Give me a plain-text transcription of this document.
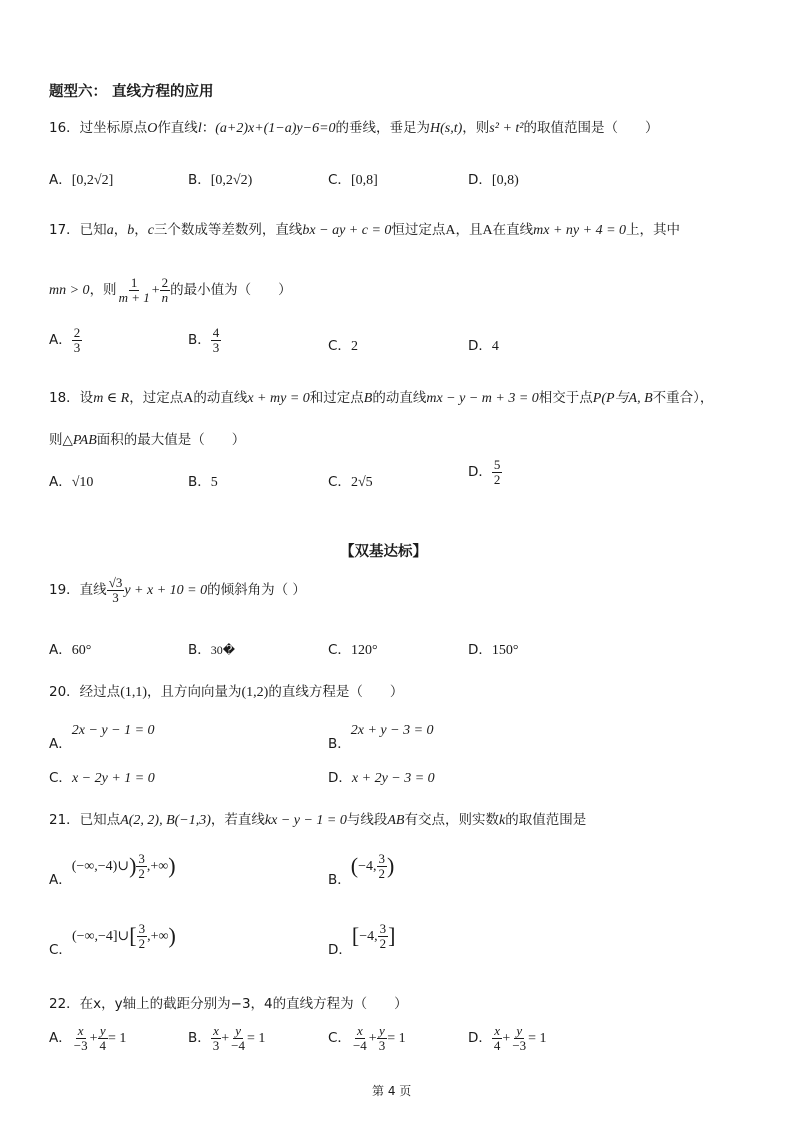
题型六： 直线方程的应用
16．过坐标原点O作直线l：(a+2)x+(1−a)y−6=0的垂线，垂足为H(s,t)，则s² + t²的取值范围是（　　）
A．[0,2√2]	B．[0,2√2)	C．[0,8]	D．[0,8)
17．已知a，b，c三个数成等差数列，直线bx − ay + c = 0恒过定点A，且A在直线mx + ny + 4 = 0上，其中
mn > 0，则 $\frac{1}{m + 1} + \frac{2}{n}$ 的最小值为（　　）
A． $\frac{2}{3}$	B． $\frac{4}{3}$	C．2	D．4
18．设m ∈ R，过定点A的动直线x + my = 0和过定点B的动直线mx − y − m + 3 = 0相交于点P(P与A, B不重合），
则△PAB面积的最大值是（　　）
A．√10	B．5	C．2√5
D． $\frac{5}{2}$
【双基达标】
19．直线 $\frac{√3}{3}$ y + x + 10 = 0的倾斜角为（ ）
A．60°	B．30�	C．120°	D．150°
20．经过点(1,1)，且方向向量为(1,2)的直线方程是（　　）
A．2x − y − 1 = 0
B．2x + y − 3 = 0
C．x − 2y + 1 = 0	D．x + 2y − 3 = 0
21．已知点A(2, 2), B(−1,3)，若直线kx − y − 1 = 0与线段AB有交点，则实数k的取值范围是
A．(−∞,−4)∪) $\frac{3}{2}$ ,+∞)
B．(−4, $\frac{3}{2}$ )
C．(−∞,−4]∪[ $\frac{3}{2}$ ,+∞)
D．[−4, $\frac{3}{2}$ ]
22．在x，y轴上的截距分别为−3，4的直线方程为（　　）
A． $\frac{x}{-3} + \frac{y}{4} = 1$	B． $\frac{x}{3} + \frac{y}{-4} = 1$	C． $\frac{x}{-4} + \frac{y}{3} = 1$	D． $\frac{x}{4} + \frac{y}{-3} = 1$
第 4 页
